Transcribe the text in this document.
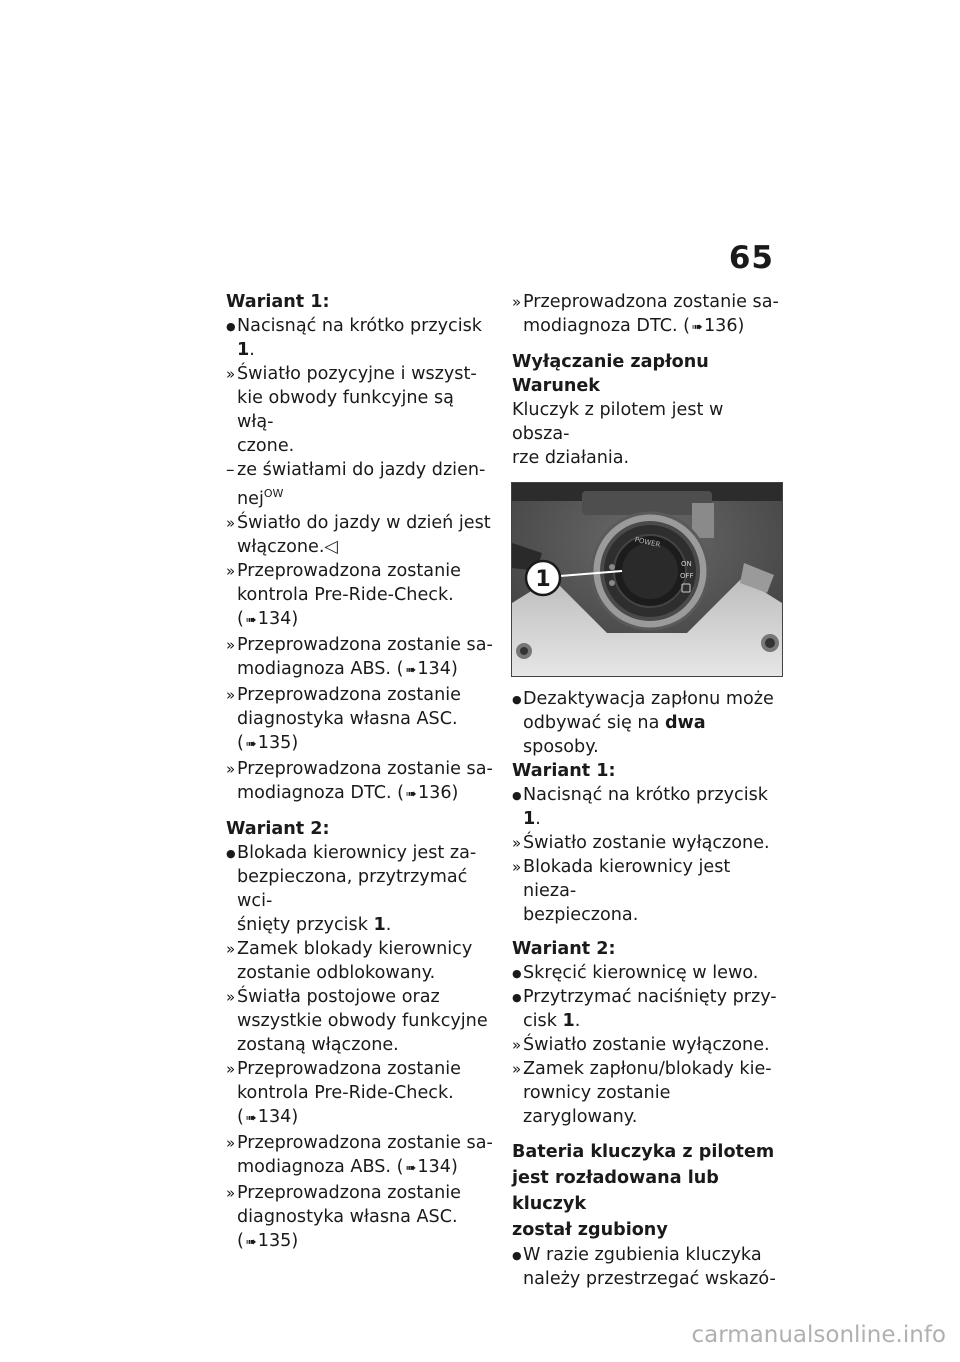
65
Wariant 1:
● Nacisnąć na krótko przycisk 1.
» Światło pozycyjne i wszyst-
kie obwody funkcyjne są włą-
czone.
– ze światłami do jazdy dzien-
nej$^{OW}$
» Światło do jazdy w dzień jest
włączone.◁
» Przeprowadzona zostanie
kontrola Pre-Ride-Check.
( ➠ 134)
» Przeprowadzona zostanie sa-
modiagnoza ABS. ( ➠ 134)
» Przeprowadzona zostanie
diagnostyka własna ASC.
( ➠ 135)
» Przeprowadzona zostanie sa-
modiagnoza DTC. ( ➠ 136)
Wariant 2:
● Blokada kierownicy jest za-
bezpieczona, przytrzymać wci-
śnięty przycisk 1.
» Zamek blokady kierownicy
zostanie odblokowany.
» Światła postojowe oraz
wszystkie obwody funkcyjne
zostaną włączone.
» Przeprowadzona zostanie
kontrola Pre-Ride-Check.
( ➠ 134)
» Przeprowadzona zostanie sa-
modiagnoza ABS. ( ➠ 134)
» Przeprowadzona zostanie
diagnostyka własna ASC.
( ➠ 135)
» Przeprowadzona zostanie sa-
modiagnoza DTC. ( ➠ 136)
Wyłączanie zapłonu
Warunek
Kluczyk z pilotem jest w obsza-
rze działania.
POWER
ON
OFF
1
● Dezaktywacja zapłonu może
odbywać się na dwa sposoby.
Wariant 1:
● Nacisnąć na krótko przycisk 1.
» Światło zostanie wyłączone.
» Blokada kierownicy jest nieza-
bezpieczona.
Wariant 2:
● Skręcić kierownicę w lewo.
● Przytrzymać naciśnięty przy-
cisk 1.
» Światło zostanie wyłączone.
» Zamek zapłonu/blokady kie-
rownicy zostanie zaryglowany.
Bateria kluczyka z pilotem
jest rozładowana lub kluczyk
został zgubiony
● W razie zgubienia kluczyka
należy przestrzegać wskazó-
carmanualsonline.info
